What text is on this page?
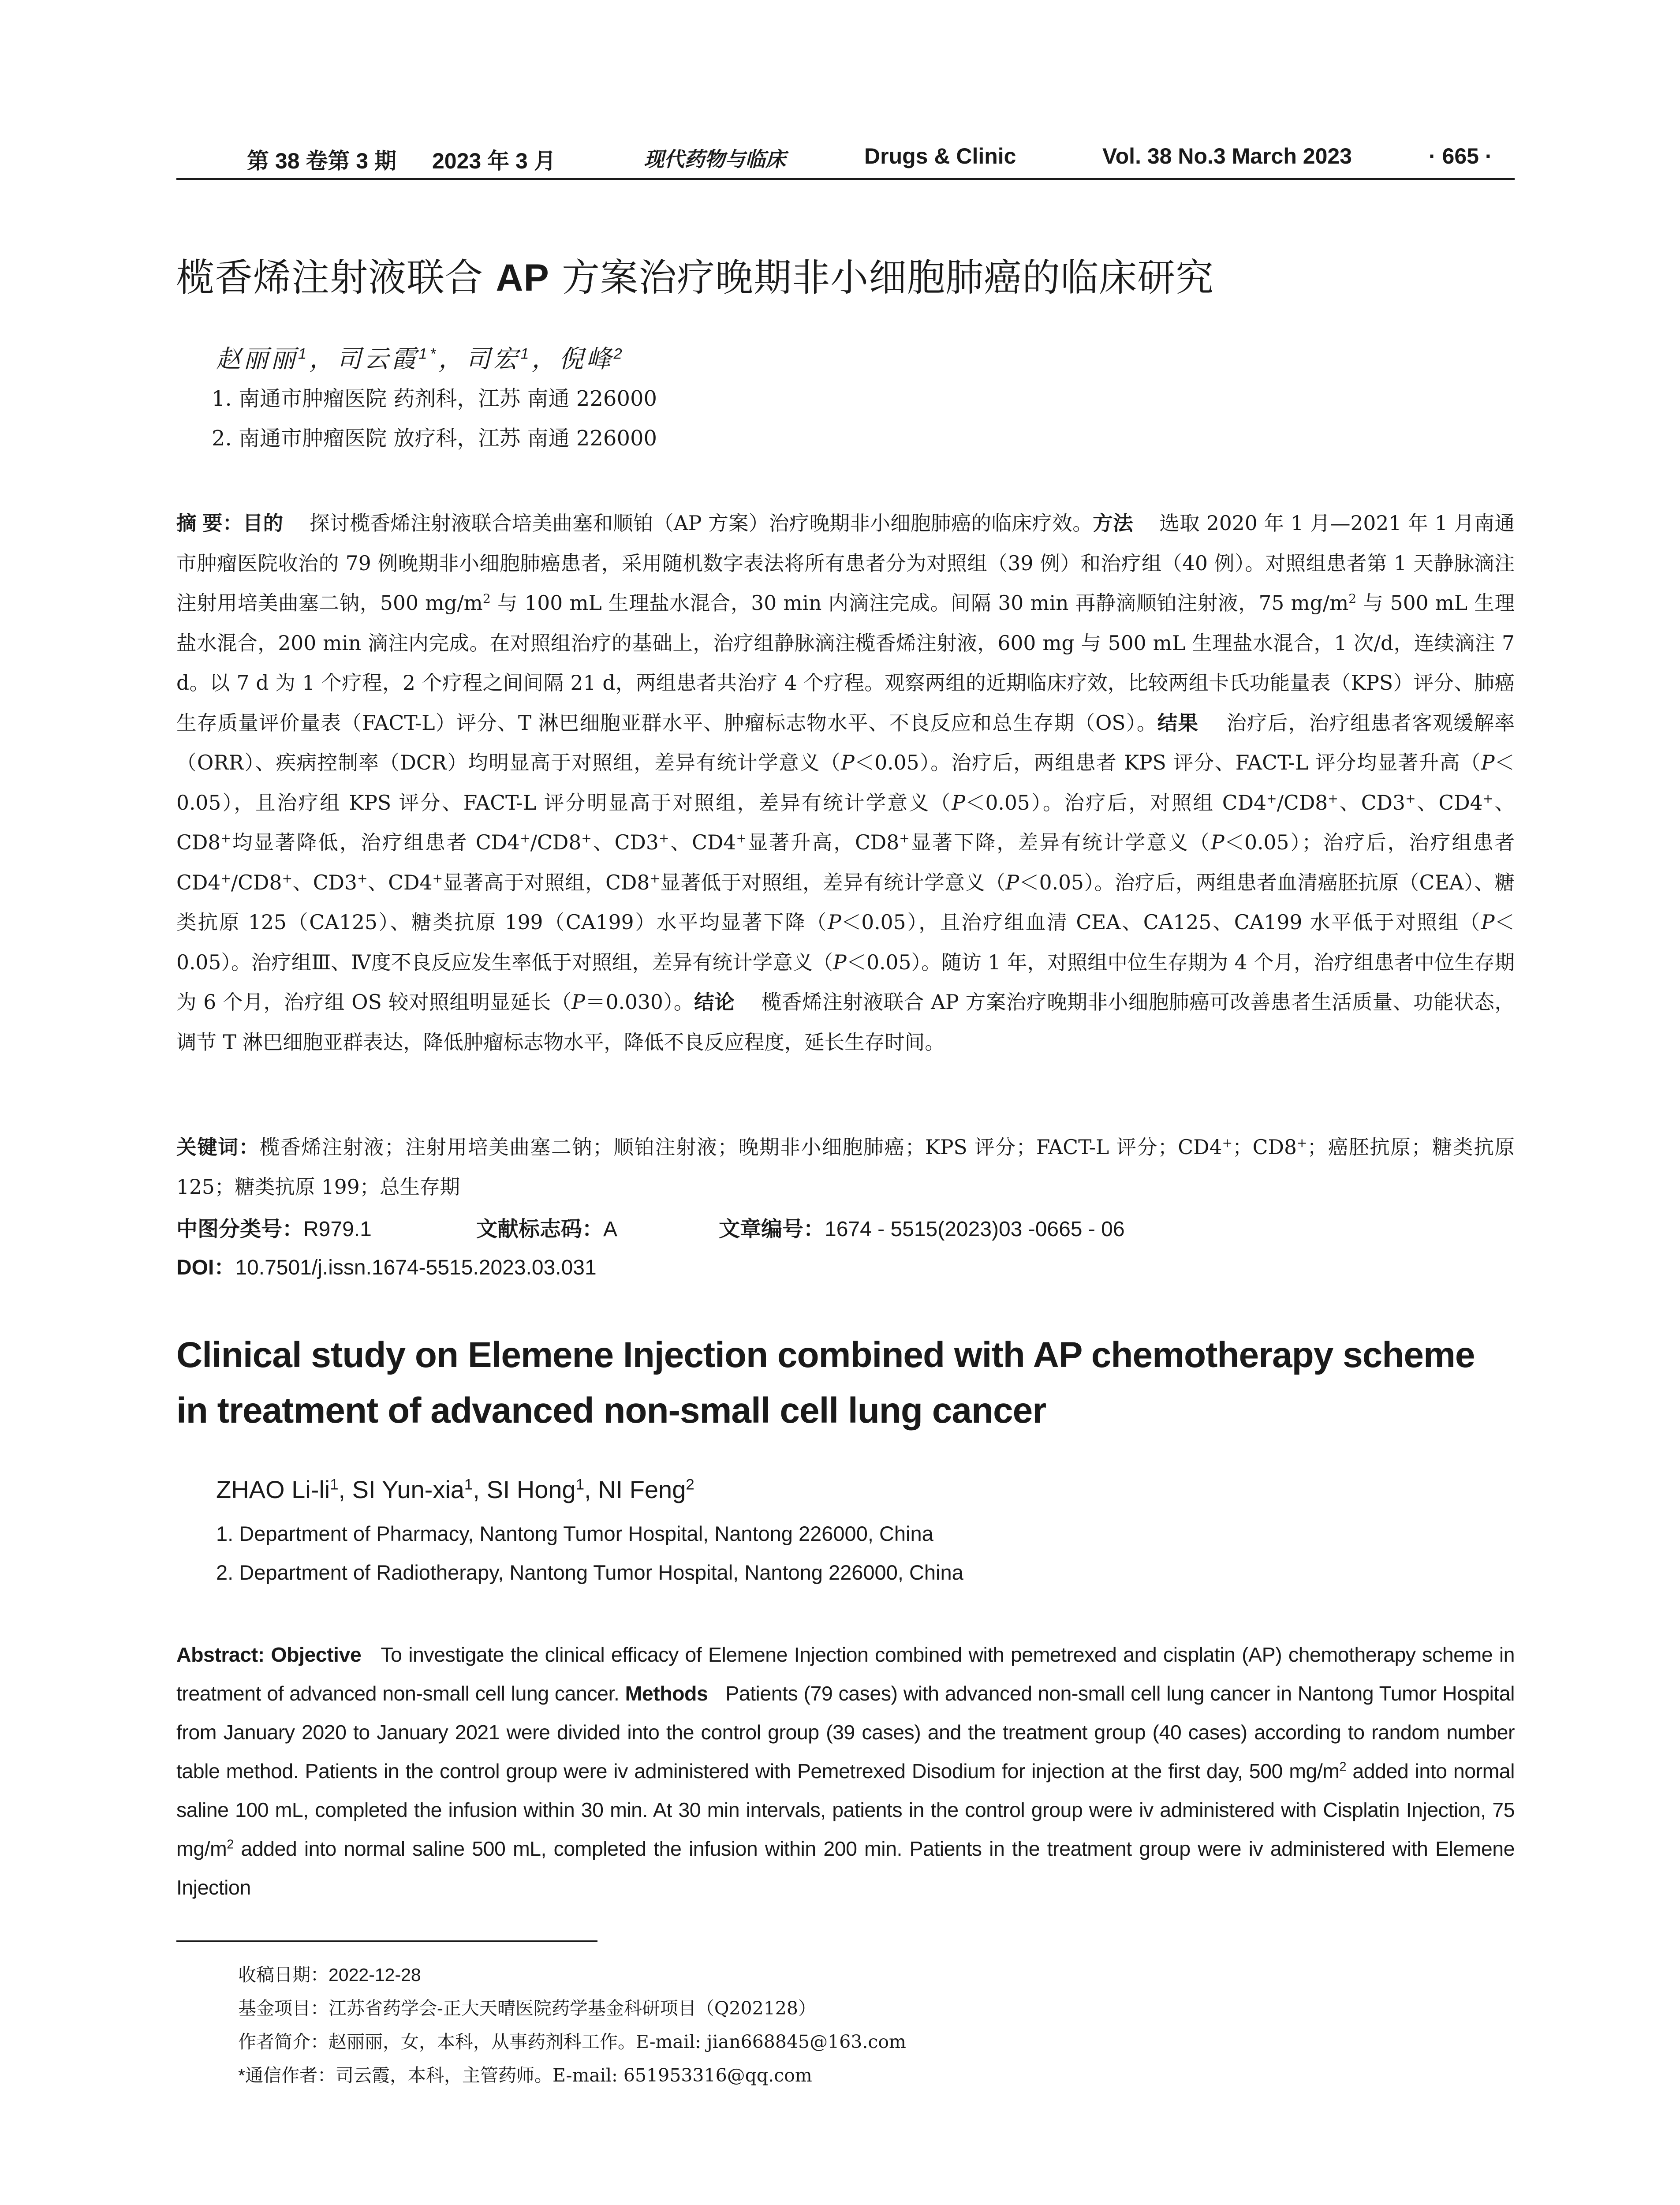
第 38 卷第 3 期 2023 年 3 月	现代药物与临床	Drugs & Clinic	Vol. 38 No.3 March 2023	· 665 ·
榄香烯注射液联合 AP 方案治疗晚期非小细胞肺癌的临床研究
赵丽丽$^1$，司云霞$^{1*}$，司宏$^1$，倪峰$^2$
1. 南通市肿瘤医院 药剂科，江苏 南通 226000
2. 南通市肿瘤医院 放疗科，江苏 南通 226000
摘 要：目的 探讨榄香烯注射液联合培美曲塞和顺铂（AP 方案）治疗晚期非小细胞肺癌的临床疗效。方法 选取 2020 年 1 月—2021 年 1 月南通市肿瘤医院收治的 79 例晚期非小细胞肺癌患者，采用随机数字表法将所有患者分为对照组（39 例）和治疗组（40 例）。对照组患者第 1 天静脉滴注注射用培美曲塞二钠，500 $mg/m^2$ 与 100 mL 生理盐水混合，30 min 内滴注完成。间隔 30 min 再静滴顺铂注射液，75 $mg/m^2$ 与 500 mL 生理盐水混合，200 min 滴注内完成。在对照组治疗的基础上，治疗组静脉滴注榄香烯注射液，600 mg 与 500 mL 生理盐水混合，1 次/d，连续滴注 7 d。以 7 d 为 1 个疗程，2 个疗程之间间隔 21 d，两组患者共治疗 4 个疗程。观察两组的近期临床疗效，比较两组卡氏功能量表（KPS）评分、肺癌生存质量评价量表（FACT-L）评分、T 淋巴细胞亚群水平、肿瘤标志物水平、不良反应和总生存期（OS）。结果 治疗后，治疗组患者客观缓解率（ORR）、疾病控制率（DCR）均明显高于对照组，差异有统计学意义（P＜0.05）。治疗后，两组患者 KPS 评分、FACT-L 评分均显著升高（P＜0.05），且治疗组 KPS 评分、FACT-L 评分明显高于对照组，差异有统计学意义（P＜0.05）。治疗后，对照组 CD4+/CD8+、CD3+、CD4+、CD8+均显著降低，治疗组患者 CD4+/CD8+、CD3+、CD4+显著升高，CD8+显著下降，差异有统计学意义（P＜0.05）；治疗后，治疗组患者 CD4+/CD8+、CD3+、CD4+显著高于对照组，CD8+显著低于对照组，差异有统计学意义（P＜0.05）。治疗后，两组患者血清癌胚抗原（CEA）、糖类抗原 125（CA125）、糖类抗原 199（CA199）水平均显著下降（P＜0.05），且治疗组血清 CEA、CA125、CA199 水平低于对照组（P＜0.05）。治疗组Ⅲ、Ⅳ度不良反应发生率低于对照组，差异有统计学意义（P＜0.05）。随访 1 年，对照组中位生存期为 4 个月，治疗组患者中位生存期为 6 个月，治疗组 OS 较对照组明显延长（P＝0.030）。结论 榄香烯注射液联合 AP 方案治疗晚期非小细胞肺癌可改善患者生活质量、功能状态，调节 T 淋巴细胞亚群表达，降低肿瘤标志物水平，降低不良反应程度，延长生存时间。
关键词：榄香烯注射液；注射用培美曲塞二钠；顺铂注射液；晚期非小细胞肺癌；KPS 评分；FACT-L 评分；CD4+；CD8+；癌胚抗原；糖类抗原 125；糖类抗原 199；总生存期
中图分类号：R979.1	文献标志码：A	文章编号：1674 - 5515(2023)03 -0665 - 06
DOI：10.7501/j.issn.1674-5515.2023.03.031
Clinical study on Elemene Injection combined with AP chemotherapy scheme in treatment of advanced non-small cell lung cancer
ZHAO $Li-li^1$, SI Yun-xia$^1$, SI Hong$^1$, NI Feng$^2$
1. Department of Pharmacy, Nantong Tumor Hospital, Nantong 226000, China
2. Department of Radiotherapy, Nantong Tumor Hospital, Nantong 226000, China
Abstract: Objective To investigate the clinical efficacy of Elemene Injection combined with pemetrexed and cisplatin (AP) chemotherapy scheme in treatment of advanced non-small cell lung cancer. Methods Patients (79 cases) with advanced non-small cell lung cancer in Nantong Tumor Hospital from January 2020 to January 2021 were divided into the control group (39 cases) and the treatment group (40 cases) according to random number table method. Patients in the control group were iv administered with Pemetrexed Disodium for injection at the first day, 500 $mg/m^2$ added into normal saline 100 mL, completed the infusion within 30 min. At 30 min intervals, patients in the control group were iv administered with Cisplatin Injection, 75 $mg/m^2$ added into normal saline 500 mL, completed the infusion within 200 min. Patients in the treatment group were iv administered with Elemene Injection
收稿日期：2022-12-28
基金项目：江苏省药学会-正大天晴医院药学基金科研项目（Q202128）
作者简介：赵丽丽，女，本科，从事药剂科工作。E-mail: jian668845@163.com
*通信作者：司云霞，本科，主管药师。E-mail: 651953316@qq.com
